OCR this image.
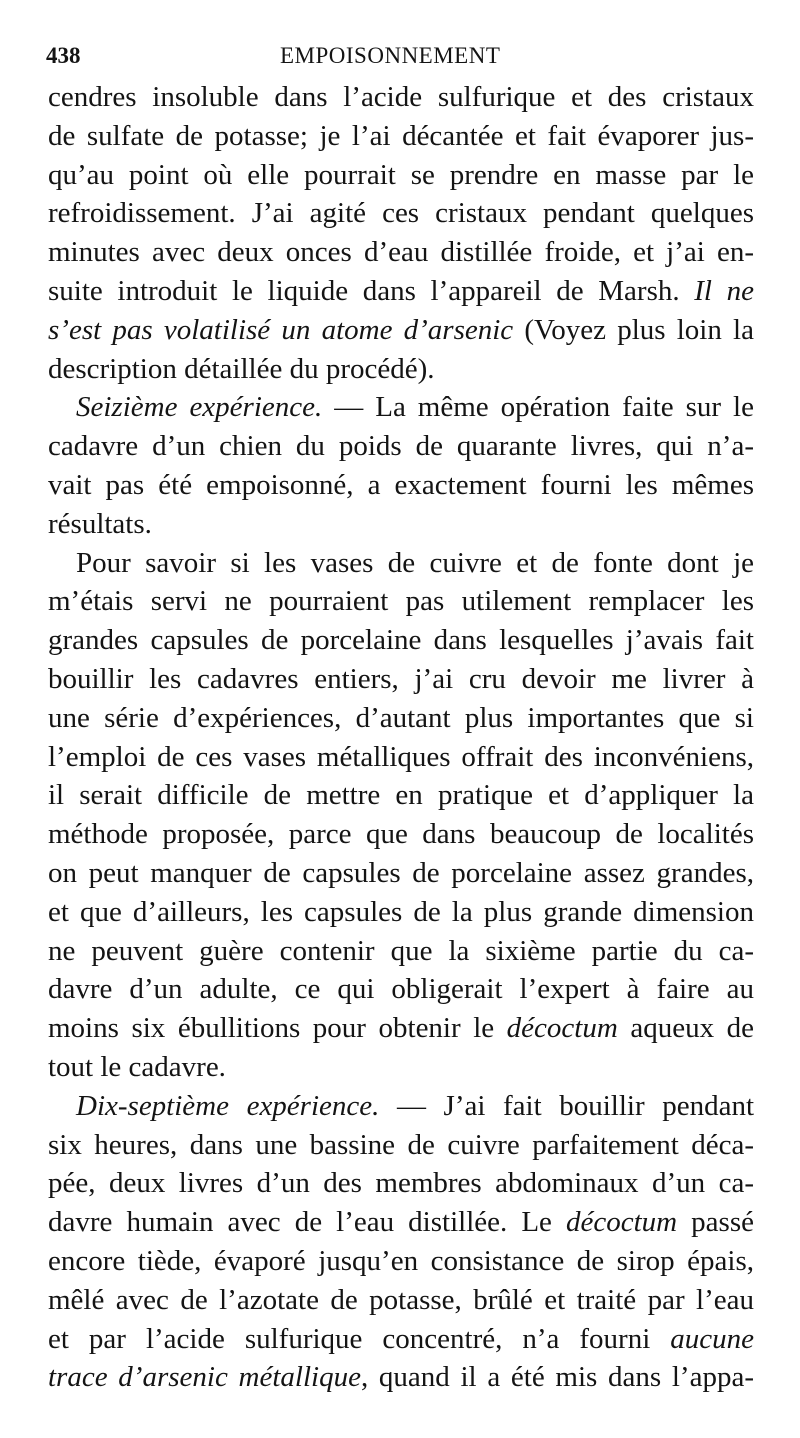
438	EMPOISONNEMENT
cendres insoluble dans l’acide sulfurique et des cristaux
de sulfate de potasse; je l’ai décantée et fait évaporer jus-
qu’au point où elle pourrait se prendre en masse par le
refroidissement. J’ai agité ces cristaux pendant quelques
minutes avec deux onces d’eau distillée froide, et j’ai en-
suite introduit le liquide dans l’appareil de Marsh. Il ne
s’est pas volatilisé un atome d’arsenic (Voyez plus loin la
description détaillée du procédé).
Seizième expérience. — La même opération faite sur le
cadavre d’un chien du poids de quarante livres, qui n’a-
vait pas été empoisonné, a exactement fourni les mêmes
résultats.
Pour savoir si les vases de cuivre et de fonte dont je
m’étais servi ne pourraient pas utilement remplacer les
grandes capsules de porcelaine dans lesquelles j’avais fait
bouillir les cadavres entiers, j’ai cru devoir me livrer à
une série d’expériences, d’autant plus importantes que si
l’emploi de ces vases métalliques offrait des inconvéniens,
il serait difficile de mettre en pratique et d’appliquer la
méthode proposée, parce que dans beaucoup de localités
on peut manquer de capsules de porcelaine assez grandes,
et que d’ailleurs, les capsules de la plus grande dimension
ne peuvent guère contenir que la sixième partie du ca-
davre d’un adulte, ce qui obligerait l’expert à faire au
moins six ébullitions pour obtenir le décoctum aqueux de
tout le cadavre.
Dix-septième expérience. — J’ai fait bouillir pendant
six heures, dans une bassine de cuivre parfaitement déca-
pée, deux livres d’un des membres abdominaux d’un ca-
davre humain avec de l’eau distillée. Le décoctum passé
encore tiède, évaporé jusqu’en consistance de sirop épais,
mêlé avec de l’azotate de potasse, brûlé et traité par l’eau
et par l’acide sulfurique concentré, n’a fourni aucune
trace d’arsenic métallique, quand il a été mis dans l’appa-
